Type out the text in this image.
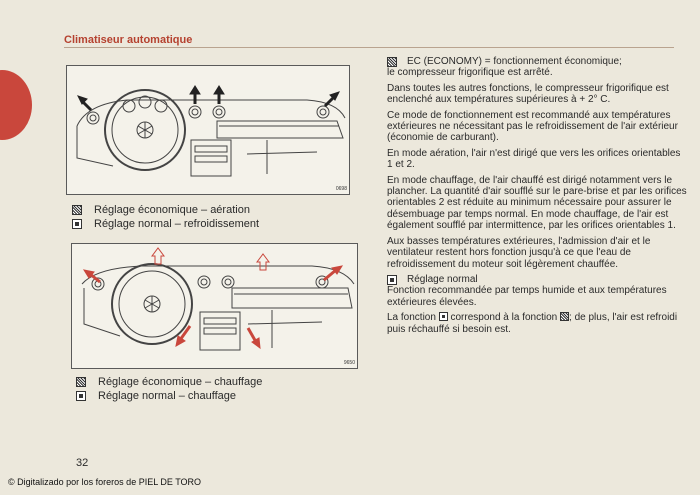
Climatiseur automatique
0698
Réglage économique – aération
Réglage normal – refroidissement
9650
Réglage économique – chauffage
Réglage normal – chauffage

EC (ECONOMY) = fonctionnement économique;
le compresseur frigorifique est arrêté.

Dans toutes les autres fonctions, le compresseur frigorifique est enclenché aux températures supérieures à + 2° C.

Ce mode de fonctionnement est recommandé aux températures extérieures ne nécessitant pas le refroidissement de l'air extérieur (économie de carburant).

En mode aération, l'air n'est dirigé que vers les orifices orientables 1 et 2.

En mode chauffage, de l'air chauffé est dirigé notamment vers le plancher. La quantité d'air soufflé sur le pare-brise et par les orifices orientables 2 est réduite au minimum nécessaire pour assurer le désembuage par temps normal. En mode chauffage, de l'air est également soufflé par intermittence, par les orifices orientables 1.

Aux basses températures extérieures, l'admission d'air et le ventilateur restent hors fonction jusqu'à ce que l'eau de refroidissement du moteur soit légèrement chauffée.

Réglage normal

Fonction recommandée par temps humide et aux températures extérieures élevées.

La fonction correspond à la fonction ; de plus, l'air est refroidi puis réchauffé si besoin est.

32
© Digitalizado por los foreros de PIEL DE TORO
